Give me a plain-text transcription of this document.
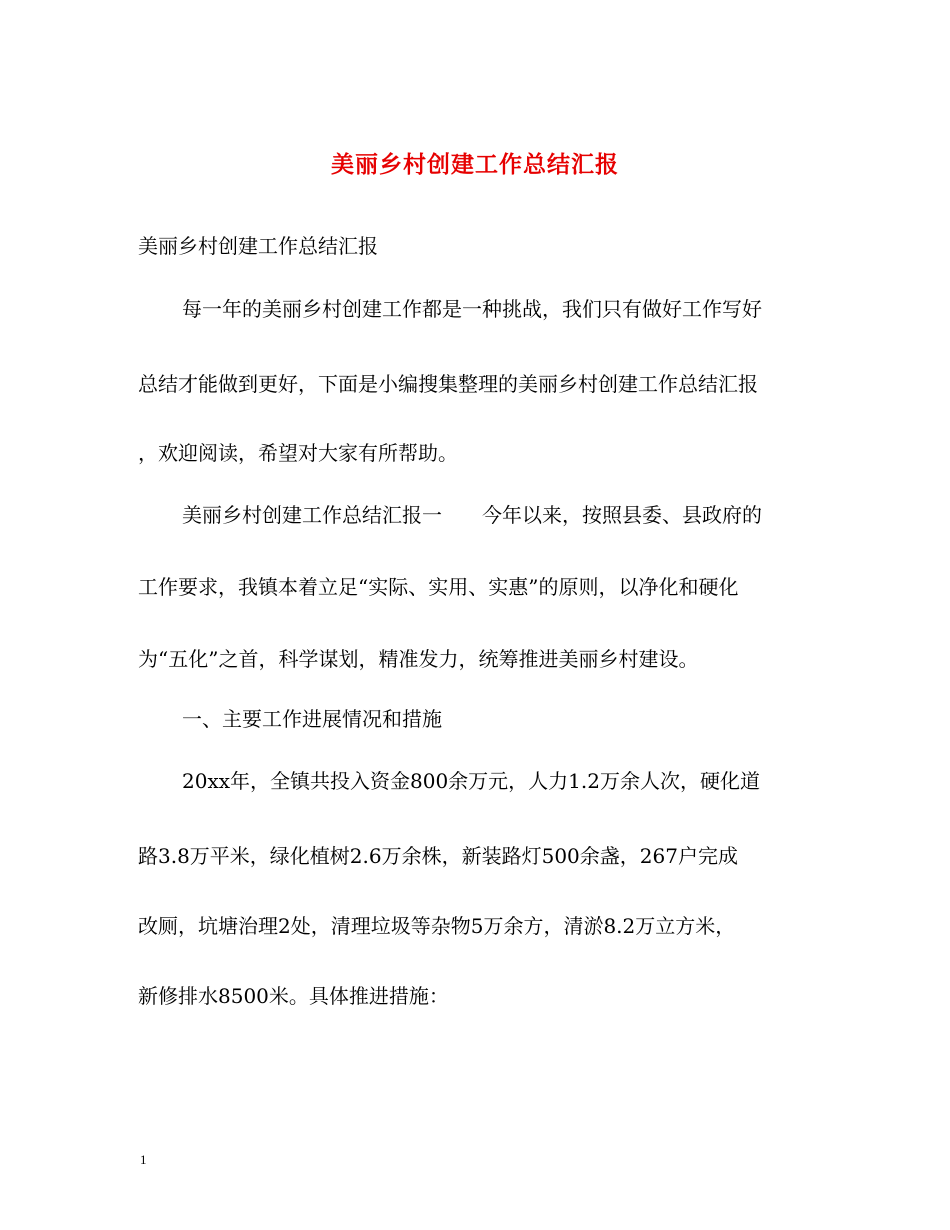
美丽乡村创建工作总结汇报
美丽乡村创建工作总结汇报
每一年的美丽乡村创建工作都是一种挑战，我们只有做好工作写好
总结才能做到更好，下面是小编搜集整理的美丽乡村创建工作总结汇报
，欢迎阅读，希望对大家有所帮助。
美丽乡村创建工作总结汇报一　　今年以来，按照县委、县政府的
工作要求，我镇本着立足“实际、实用、实惠”的原则，以净化和硬化
为“五化”之首，科学谋划，精准发力，统筹推进美丽乡村建设。
一、主要工作进展情况和措施
20xx年，全镇共投入资金800余万元，人力1.2万余人次，硬化道
路3.8万平米，绿化植树2.6万余株，新装路灯500余盏，267户完成
改厕，坑塘治理2处，清理垃圾等杂物5万余方，清淤8.2万立方米，
新修排水8500米。具体推进措施：
1
